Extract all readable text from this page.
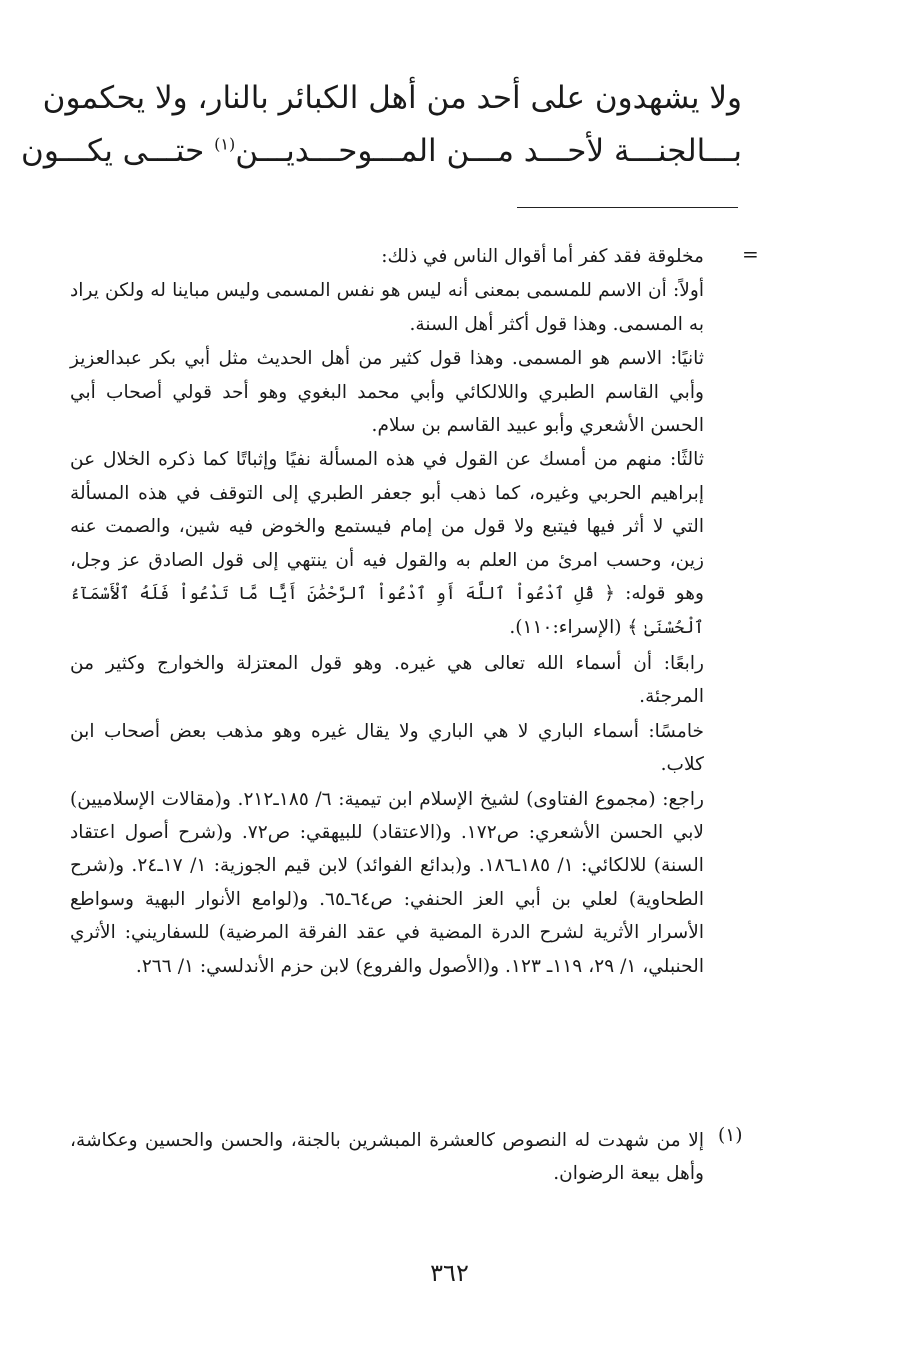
ولا يشهدون على أحد من أهل الكبائر بالنار، ولا يحكمون
بـــالجنـــة لأحـــد مـــن المـــوحـــديـــن$^{(١)}$ حتـــى يكـــون
=
مخلوقة فقد كفر أما أقوال الناس في ذلك:
أولاً: أن الاسم للمسمى بمعنى أنه ليس هو نفس المسمى وليس مباينا له ولكن يراد به المسمى. وهذا قول أكثر أهل السنة.
ثانيًا: الاسم هو المسمى. وهذا قول كثير من أهل الحديث مثل أبي بكر عبدالعزيز وأبي القاسم الطبري واللالكائي وأبي محمد البغوي وهو أحد قولي أصحاب أبي الحسن الأشعري وأبو عبيد القاسم بن سلام.
ثالثًا: منهم من أمسك عن القول في هذه المسألة نفيًا وإثباتًا كما ذكره الخلال عن إبراهيم الحربي وغيره، كما ذهب أبو جعفر الطبري إلى التوقف في هذه المسألة التي لا أثر فيها فيتبع ولا قول من إمام فيستمع والخوض فيه شين، والصمت عنه زين، وحسب امرئ من العلم به والقول فيه أن ينتهي إلى قول الصادق عز وجل، وهو قوله: ﴿ قُلِ ٱدْعُواْ ٱللَّهَ أَوِ ٱدْعُواْ ٱلرَّحْمَٰنَ أَيًّا مَّا تَدْعُواْ فَلَهُ ٱلْأَسْمَآءُ ٱلْحُسْنَىٰ ﴾ (الإسراء:١١٠).
رابعًا: أن أسماء الله تعالى هي غيره. وهو قول المعتزلة والخوارج وكثير من المرجئة.
خامسًا: أسماء الباري لا هي الباري ولا يقال غيره وهو مذهب بعض أصحاب ابن كلاب.
راجع: (مجموع الفتاوى) لشيخ الإسلام ابن تيمية: ٦/ ١٨٥ـ٢١٢. و(مقالات الإسلاميين) لابي الحسن الأشعري: ص١٧٢. و(الاعتقاد) للبيهقي: ص٧٢. و(شرح أصول اعتقاد السنة) للالكائي: ١/ ١٨٥ـ١٨٦. و(بدائع الفوائد) لابن قيم الجوزية: ١/ ١٧ـ٢٤. و(شرح الطحاوية) لعلي بن أبي العز الحنفي: ص٦٤ـ٦٥. و(لوامع الأنوار البهية وسواطع الأسرار الأثرية لشرح الدرة المضية في عقد الفرقة المرضية) للسفاريني: الأثري الحنبلي، ١/ ٢٩، ١١٩ـ ١٢٣. و(الأصول والفروع) لابن حزم الأندلسي: ١/ ٢٦٦.
(١)
إلا من شهدت له النصوص كالعشرة المبشرين بالجنة، والحسن والحسين وعكاشة، وأهل بيعة الرضوان.
٣٦٢
